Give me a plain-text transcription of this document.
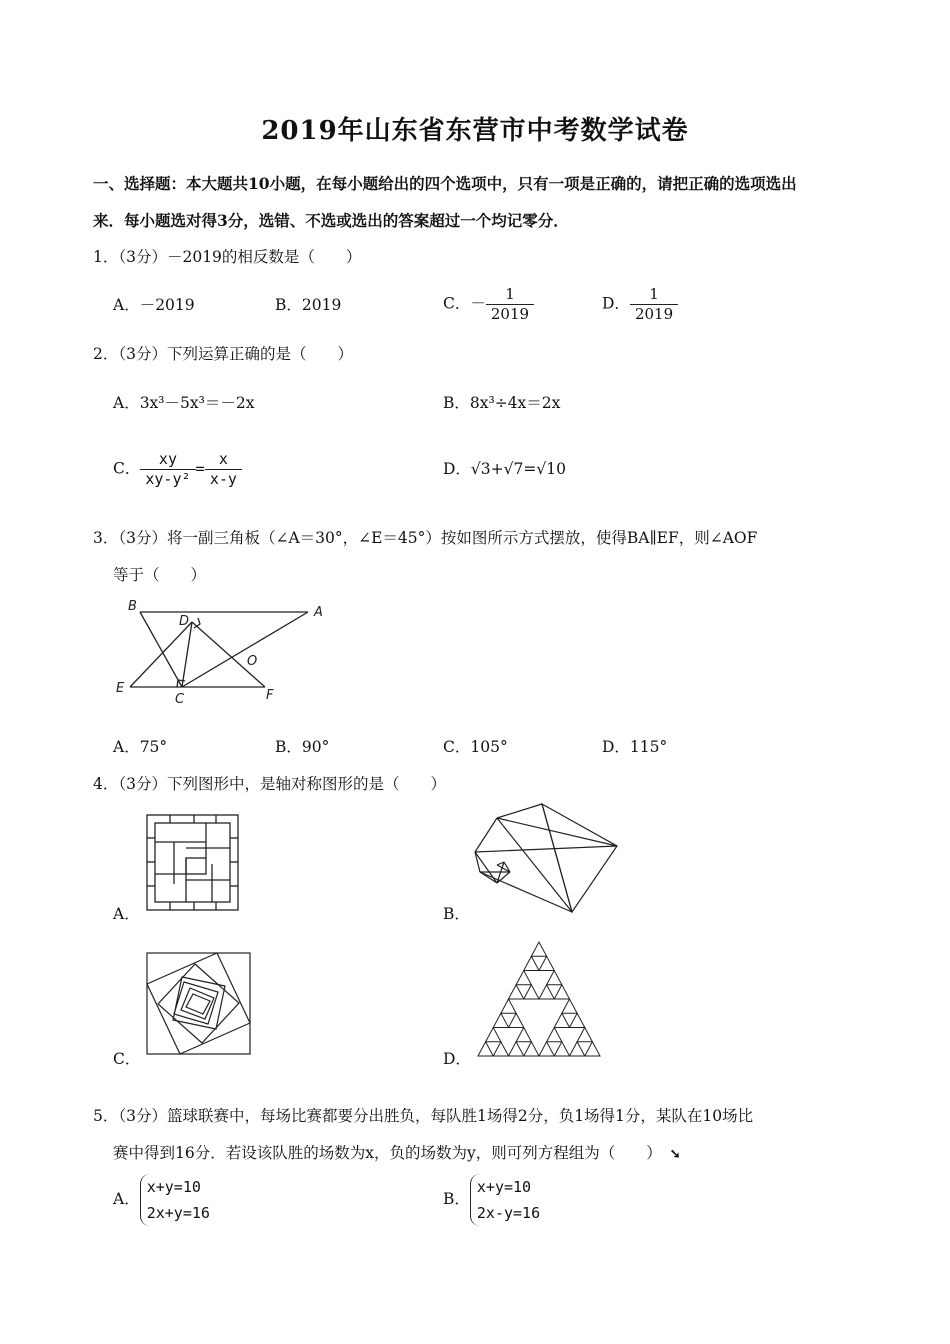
2019年山东省东营市中考数学试卷
一、选择题：本大题共10小题，在每小题给出的四个选项中，只有一项是正确的，请把正确的选项选出
来．每小题选对得3分，选错、不选或选出的答案超过一个均记零分．
1．（3分）－2019的相反数是（　　）
A．－2019	B．2019	C．－ $\frac{1}{2019}$	D． $\frac{1}{2019}$
2．（3分）下列运算正确的是（　　）
A．3x³－5x³＝－2x	B．8x³÷4x＝2x
C． $\frac{xy}{\text{xy-y²}} = \frac{x}{x-y}$	D．√3+√7=√10
3．（3分）将一副三角板（∠A＝30°，∠E＝45°）按如图所示方式摆放，使得BA∥EF，则∠AOF
等于（　　）
B	A
D
O
E
C	F
A．75°	B．90°	C．105°	D．115°
4．（3分）下列图形中，是轴对称图形的是（　　）
A．	B．
C．	D．
5．（3分）篮球联赛中，每场比赛都要分出胜负，每队胜1场得2分，负1场得1分，某队在10场比
赛中得到16分．若设该队胜的场数为x，负的场数为y，则可列方程组为（　　） ➘
A．
x+y=10
2x+y=16
B．
x+y=10
2x-y=16
